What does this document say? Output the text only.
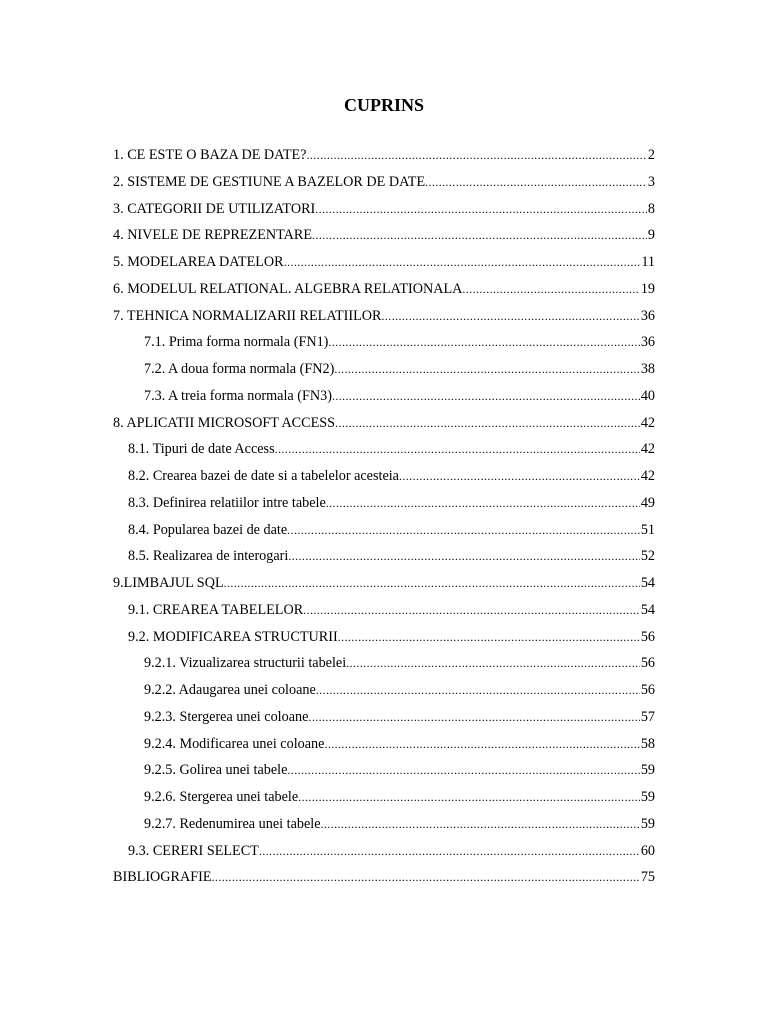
CUPRINS
1. CE ESTE O BAZA DE DATE? .....	2
2. SISTEME DE GESTIUNE A BAZELOR DE DATE .....	3
3. CATEGORII DE UTILIZATORI .....	8
4. NIVELE DE REPREZENTARE .....	9
5. MODELAREA DATELOR .....	11
6. MODELUL RELATIONAL. ALGEBRA RELATIONALA .....	19
7. TEHNICA NORMALIZARII RELATIILOR .....	36
7.1. Prima forma normala (FN1) .....	36
7.2. A doua forma normala (FN2) .....	38
7.3. A treia forma normala (FN3) .....	40
8. APLICATII MICROSOFT ACCESS .....	42
8.1. Tipuri de date Access .....	42
8.2. Crearea bazei de date si a tabelelor acesteia .....	42
8.3. Definirea relatiilor intre tabele .....	49
8.4. Popularea bazei de date .....	51
8.5. Realizarea de interogari .....	52
9.LIMBAJUL SQL .....	54
9.1. CREAREA TABELELOR .....	54
9.2. MODIFICAREA STRUCTURII .....	56
9.2.1. Vizualizarea structurii tabelei .....	56
9.2.2. Adaugarea unei coloane .....	56
9.2.3. Stergerea unei coloane .....	57
9.2.4. Modificarea unei coloane .....	58
9.2.5. Golirea unei tabele .....	59
9.2.6. Stergerea unei tabele .....	59
9.2.7. Redenumirea unei tabele .....	59
9.3. CERERI SELECT .....	60
BIBLIOGRAFIE .....	75
